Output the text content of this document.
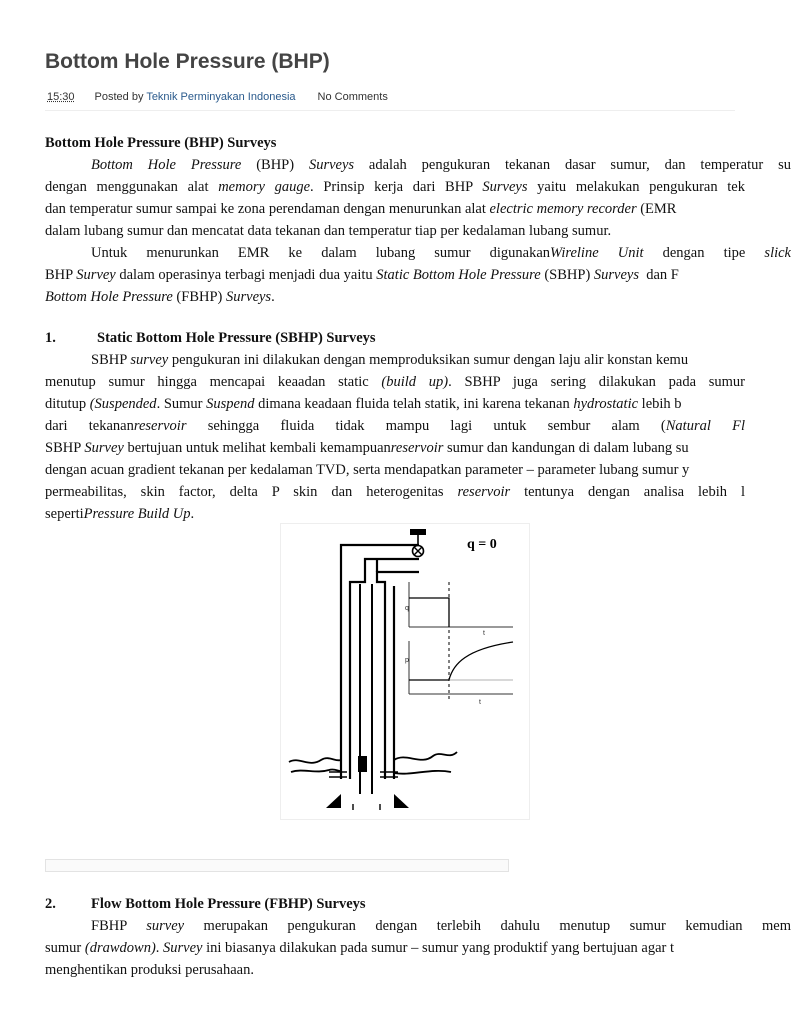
Bottom Hole Pressure (BHP)
15:30 Posted by Teknik Perminyakan Indonesia No Comments

Bottom Hole Pressure (BHP) Surveys

Bottom Hole Pressure (BHP) Surveys adalah pengukuran tekanan dasar sumur, dan temperatur su

dengan menggunakan alat memory gauge. Prinsip kerja dari BHP Surveys yaitu melakukan pengukuran tek

dan temperatur sumur sampai ke zona perendaman dengan menurunkan alat electric memory recorder (EMR

dalam lubang sumur dan mencatat data tekanan dan temperatur tiap per kedalaman lubang sumur.

Untuk menurunkan EMR ke dalam lubang sumur digunakanWireline Unit dengan tipe slick

BHP Survey dalam operasinya terbagi menjadi dua yaitu Static Bottom Hole Pressure (SBHP) Surveys  dan F

Bottom Hole Pressure (FBHP) Surveys.

1.	Static Bottom Hole Pressure (SBHP) Surveys

SBHP survey pengukuran ini dilakukan dengan memproduksikan sumur dengan laju alir konstan kemu

menutup sumur hingga mencapai keaadan static (build up). SBHP juga sering dilakukan pada sumur

ditutup (Suspended. Sumur Suspend dimana keadaan fluida telah statik, ini karena tekanan hydrostatic lebih b

dari tekananreservoir sehingga fluida tidak mampu lagi untuk sembur alam (Natural Fl

SBHP Survey bertujuan untuk melihat kembali kemampuanreservoir sumur dan kandungan di dalam lubang su

dengan acuan gradient tekanan per kedalaman TVD, serta mendapatkan parameter – parameter lubang sumur y

permeabilitas, skin factor, delta P skin dan heterogenitas reservoir tentunya dengan analisa lebih l

sepertiPressure Build Up.

q = 0
q
t
p
t

2. Flow Bottom Hole Pressure (FBHP) Surveys

FBHP survey merupakan pengukuran dengan terlebih dahulu menutup sumur kemudian mem

sumur (drawdown). Survey ini biasanya dilakukan pada sumur – sumur yang produktif yang bertujuan agar t

menghentikan produksi perusahaan.
